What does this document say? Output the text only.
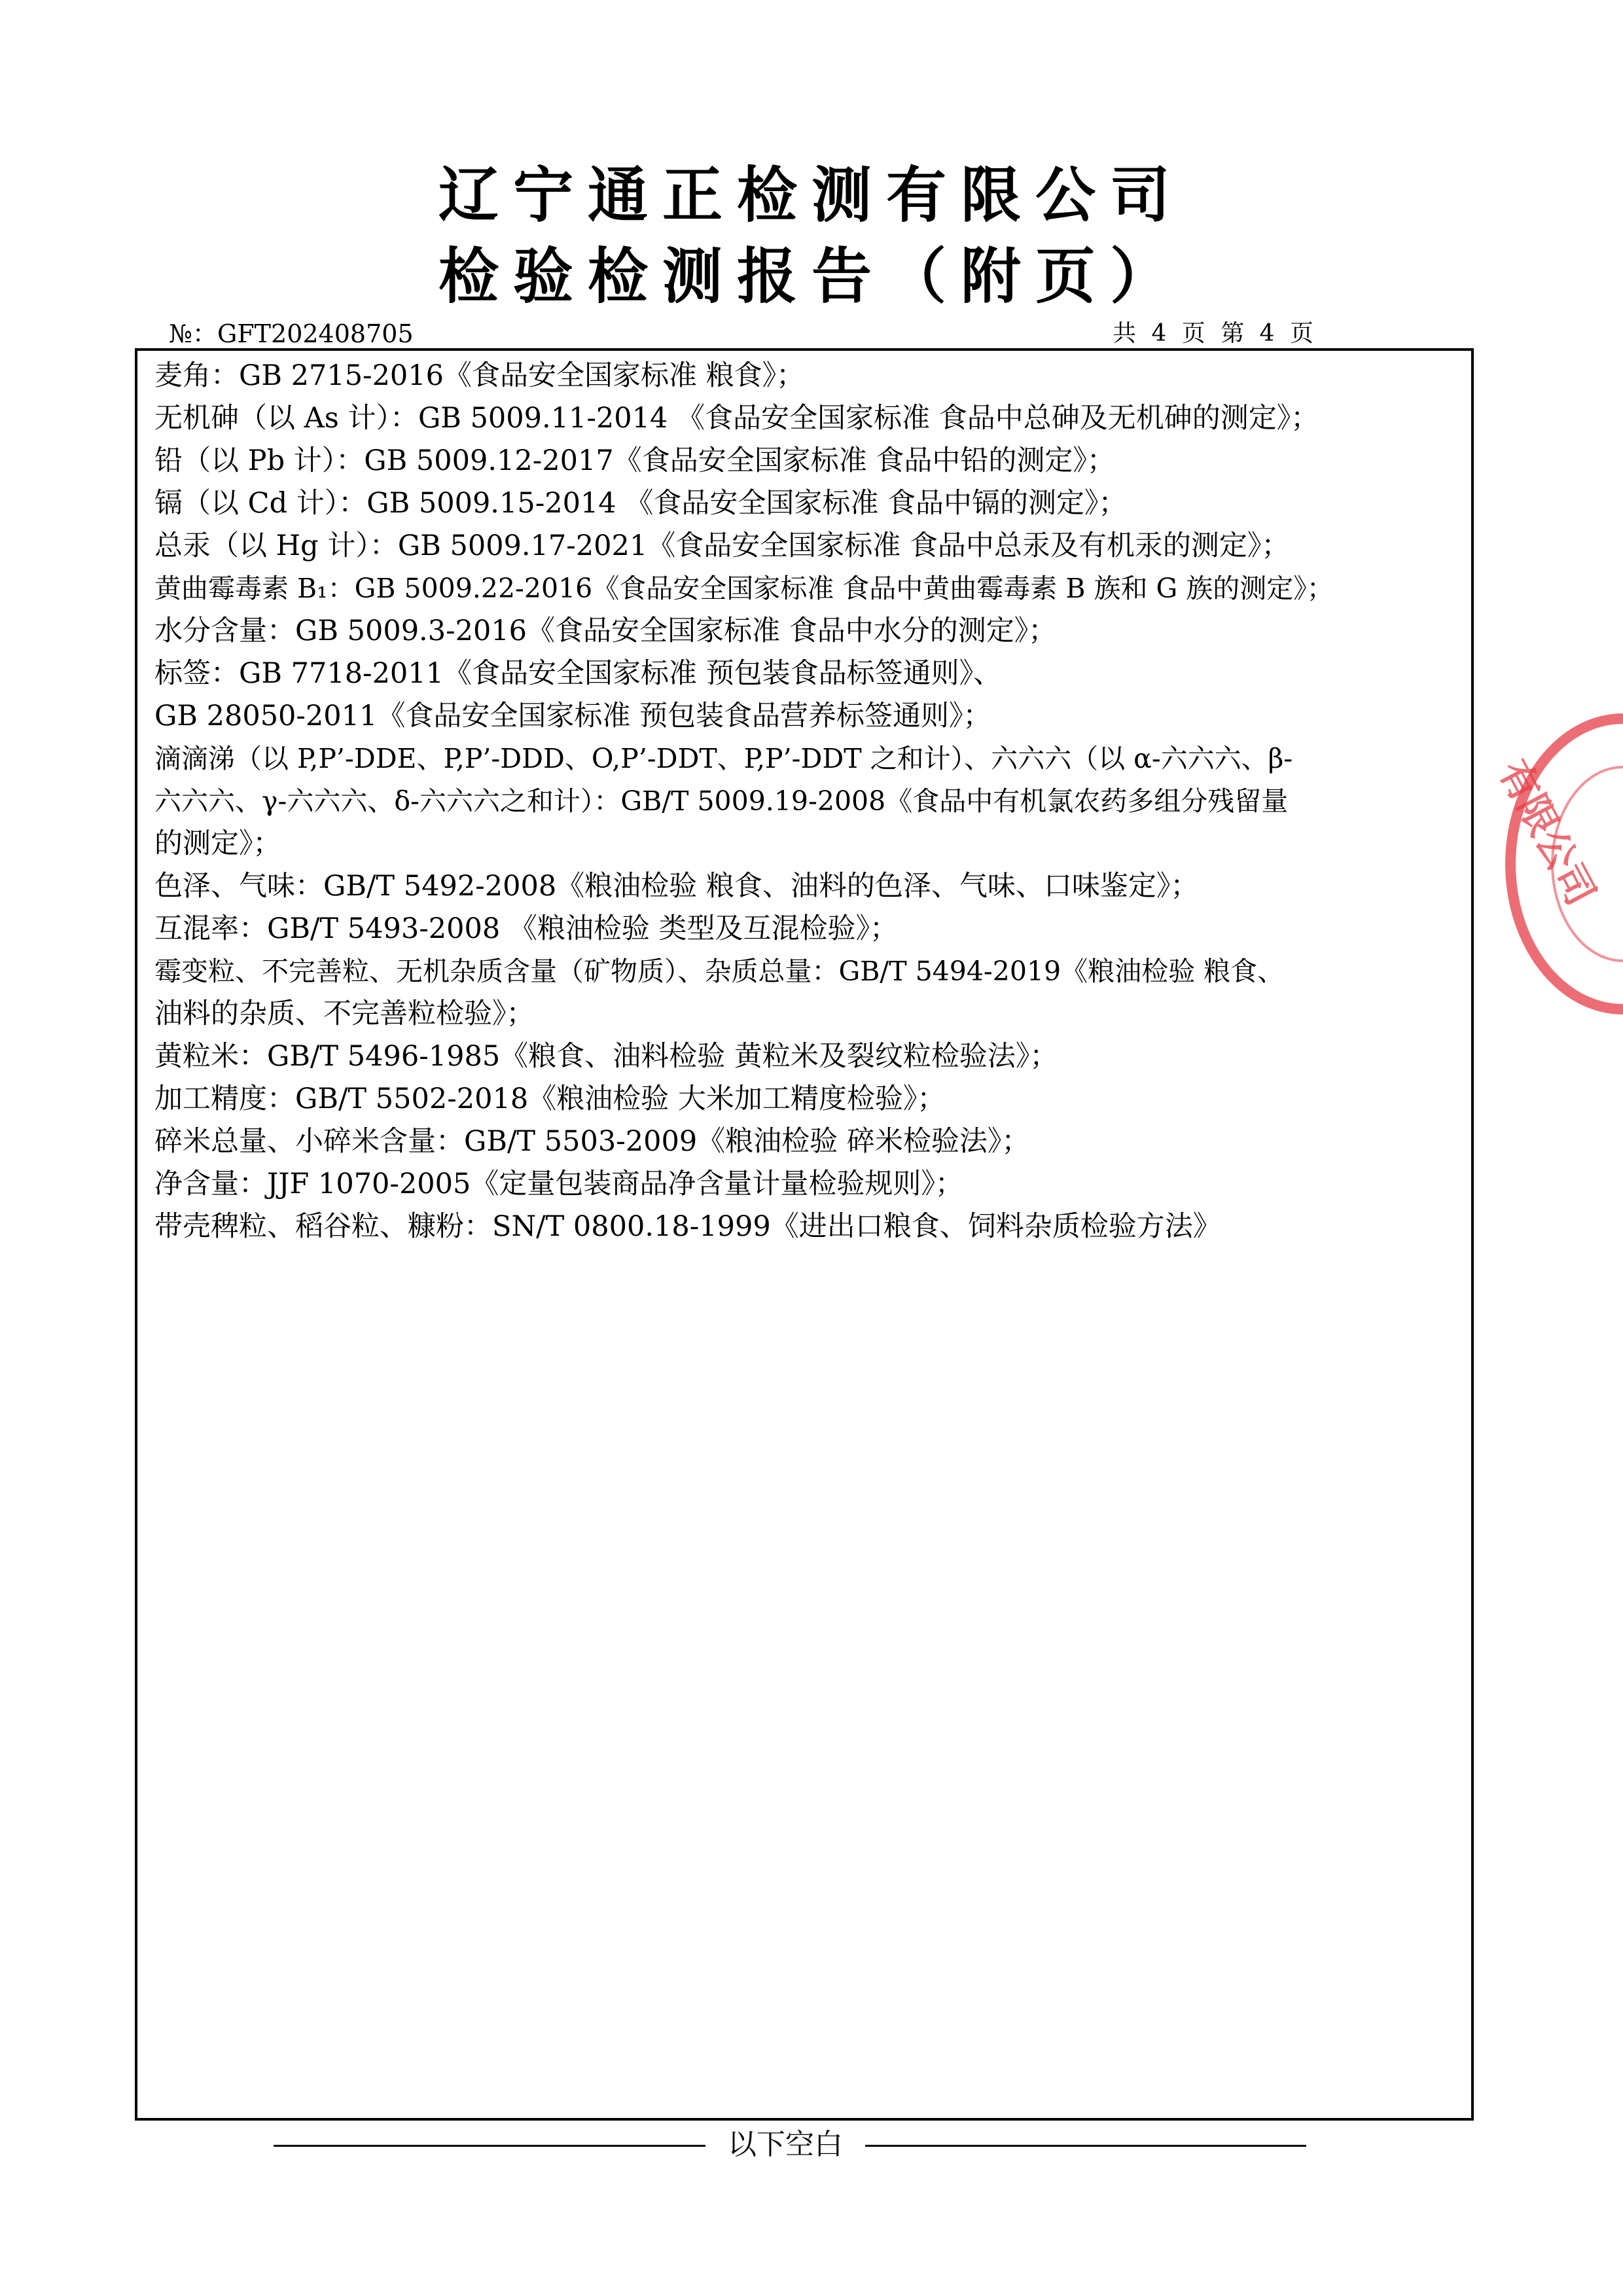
辽宁通正检测有限公司
检验检测报告（附页）
№：GFT202408705	共 4 页 第 4 页
麦角：GB 2715-2016《食品安全国家标准 粮食》；
无机砷（以 As 计）：GB 5009.11-2014 《食品安全国家标准 食品中总砷及无机砷的测定》；
铅（以 Pb 计）：GB 5009.12-2017《食品安全国家标准 食品中铅的测定》；
镉（以 Cd 计）：GB 5009.15-2014 《食品安全国家标准 食品中镉的测定》；
总汞（以 Hg 计）：GB 5009.17-2021《食品安全国家标准 食品中总汞及有机汞的测定》；
黄曲霉毒素 B₁：GB 5009.22-2016《食品安全国家标准 食品中黄曲霉毒素 B 族和 G 族的测定》；
水分含量：GB 5009.3-2016《食品安全国家标准 食品中水分的测定》；
标签：GB 7718-2011《食品安全国家标准 预包装食品标签通则》、
GB 28050-2011《食品安全国家标准 预包装食品营养标签通则》；
滴滴涕（以 P,P’-DDE、P,P’-DDD、O,P’-DDT、P,P’-DDT 之和计）、六六六（以 α-六六六、β-
六六六、γ-六六六、δ-六六六之和计）：GB/T 5009.19-2008《食品中有机氯农药多组分残留量
的测定》；
色泽、气味：GB/T 5492-2008《粮油检验 粮食、油料的色泽、气味、口味鉴定》；
互混率：GB/T 5493-2008 《粮油检验 类型及互混检验》；
霉变粒、不完善粒、无机杂质含量（矿物质）、杂质总量：GB/T 5494-2019《粮油检验 粮食、
油料的杂质、不完善粒检验》；
黄粒米：GB/T 5496-1985《粮食、油料检验 黄粒米及裂纹粒检验法》；
加工精度：GB/T 5502-2018《粮油检验 大米加工精度检验》；
碎米总量、小碎米含量：GB/T 5503-2009《粮油检验 碎米检验法》；
净含量：JJF 1070-2005《定量包装商品净含量计量检验规则》；
带壳稗粒、稻谷粒、糠粉：SN/T 0800.18-1999《进出口粮食、饲料杂质检验方法》
以下空白
有限公司
